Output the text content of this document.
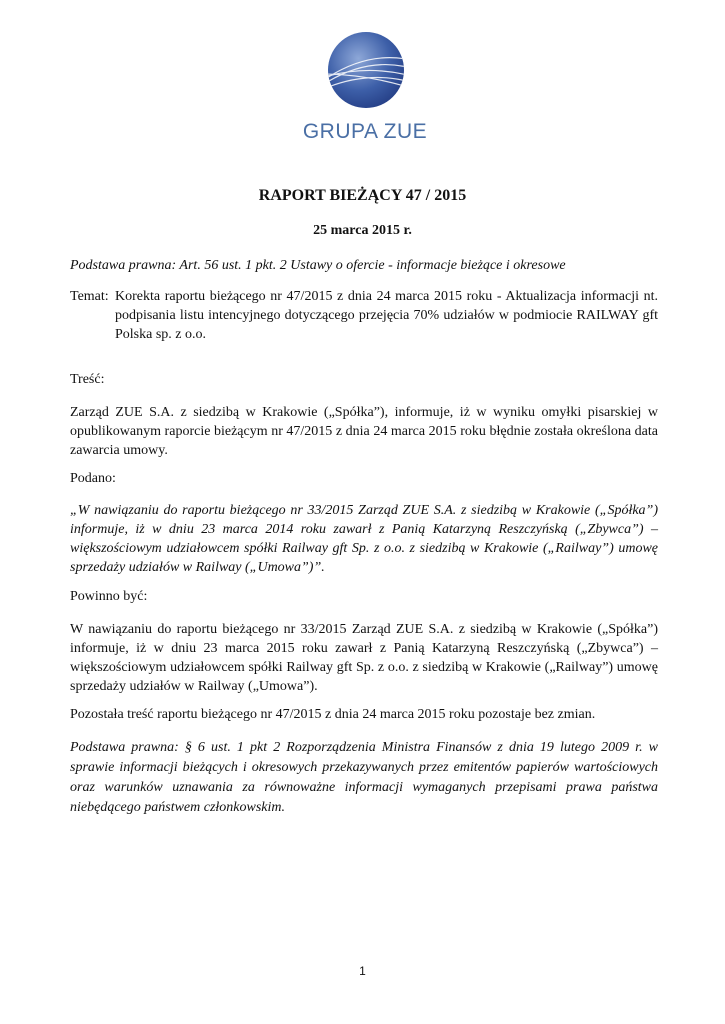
GRUPA ZUE
RAPORT BIEŻĄCY 47 / 2015
25 marca 2015 r.
Podstawa prawna: Art. 56 ust. 1 pkt. 2 Ustawy o ofercie - informacje bieżące i okresowe
Temat: Korekta raportu bieżącego nr 47/2015 z dnia 24 marca 2015 roku - Aktualizacja informacji nt. podpisania listu intencyjnego dotyczącego przejęcia 70% udziałów w podmiocie RAILWAY gft Polska sp. z o.o.
Treść:
Zarząd ZUE S.A. z siedzibą w Krakowie („Spółka”), informuje, iż w wyniku omyłki pisarskiej w opublikowanym raporcie bieżącym nr 47/2015 z dnia 24 marca 2015 roku błędnie została określona data zawarcia umowy.
Podano:
„W nawiązaniu do raportu bieżącego nr 33/2015 Zarząd ZUE S.A. z siedzibą w Krakowie („Spółka”) informuje, iż w dniu 23 marca 2014 roku zawarł z Panią Katarzyną Reszczyńską („Zbywca”) – większościowym udziałowcem spółki Railway gft Sp. z o.o. z siedzibą w Krakowie („Railway”) umowę sprzedaży udziałów w Railway („Umowa”)”.
Powinno być:
W nawiązaniu do raportu bieżącego nr 33/2015 Zarząd ZUE S.A. z siedzibą w Krakowie („Spółka”) informuje, iż w dniu 23 marca 2015 roku zawarł z Panią Katarzyną Reszczyńską („Zbywca”) – większościowym udziałowcem spółki Railway gft Sp. z o.o. z siedzibą w Krakowie („Railway”) umowę sprzedaży udziałów w Railway („Umowa”).
Pozostała treść raportu bieżącego nr 47/2015 z dnia 24 marca 2015 roku pozostaje bez zmian.
Podstawa prawna: § 6 ust. 1 pkt 2 Rozporządzenia Ministra Finansów z dnia 19 lutego 2009 r. w sprawie informacji bieżących i okresowych przekazywanych przez emitentów papierów wartościowych oraz warunków uznawania za równoważne informacji wymaganych przepisami prawa państwa niebędącego państwem członkowskim.
1
